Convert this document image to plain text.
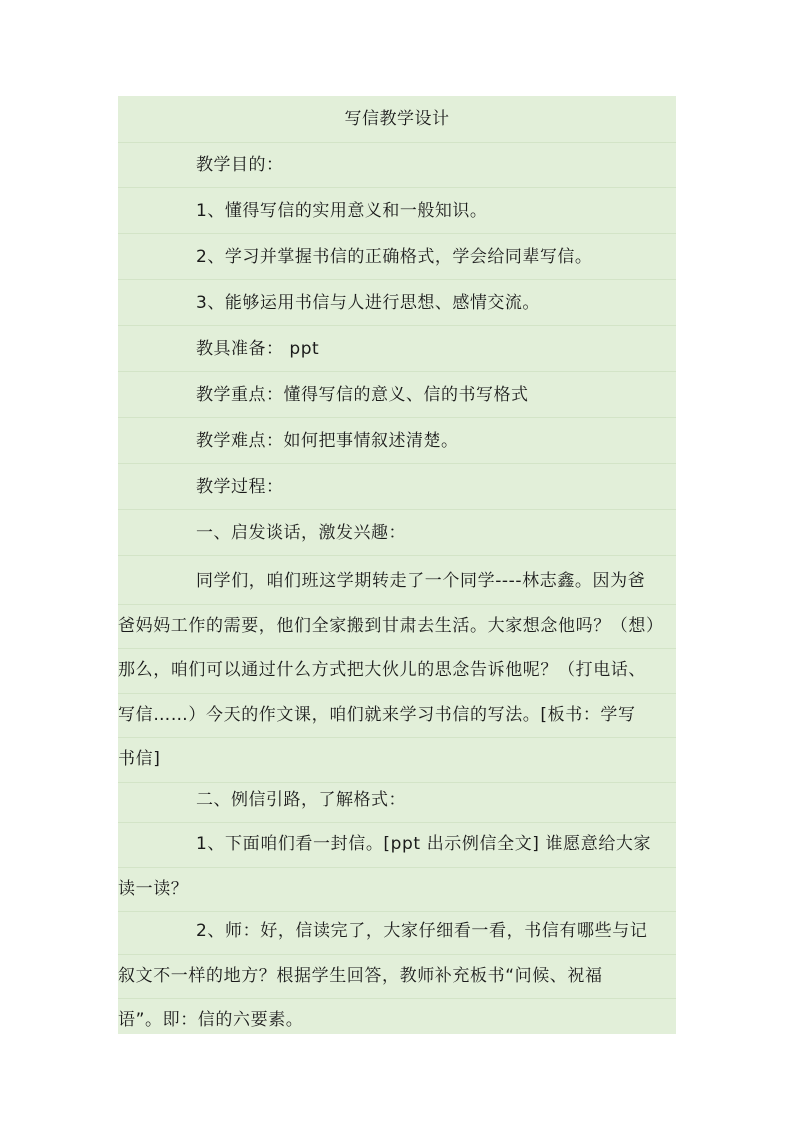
写信教学设计
教学目的：
1、懂得写信的实用意义和一般知识。
2、学习并掌握书信的正确格式，学会给同辈写信。
3、能够运用书信与人进行思想、感情交流。
教具准备： ppt
教学重点：懂得写信的意义、信的书写格式
教学难点：如何把事情叙述清楚。
教学过程：
一、启发谈话，激发兴趣：
同学们，咱们班这学期转走了一个同学----林志鑫。因为爸
爸妈妈工作的需要，他们全家搬到甘肃去生活。大家想念他吗？（想）
那么，咱们可以通过什么方式把大伙儿的思念告诉他呢？（打电话、
写信……）今天的作文课，咱们就来学习书信的写法。[板书：学写
书信]
二、例信引路，了解格式：
1、下面咱们看一封信。[ppt 出示例信全文] 谁愿意给大家
读一读？
2、师：好，信读完了，大家仔细看一看，书信有哪些与记
叙文不一样的地方？根据学生回答，教师补充板书“问候、祝福
语”。即：信的六要素。
